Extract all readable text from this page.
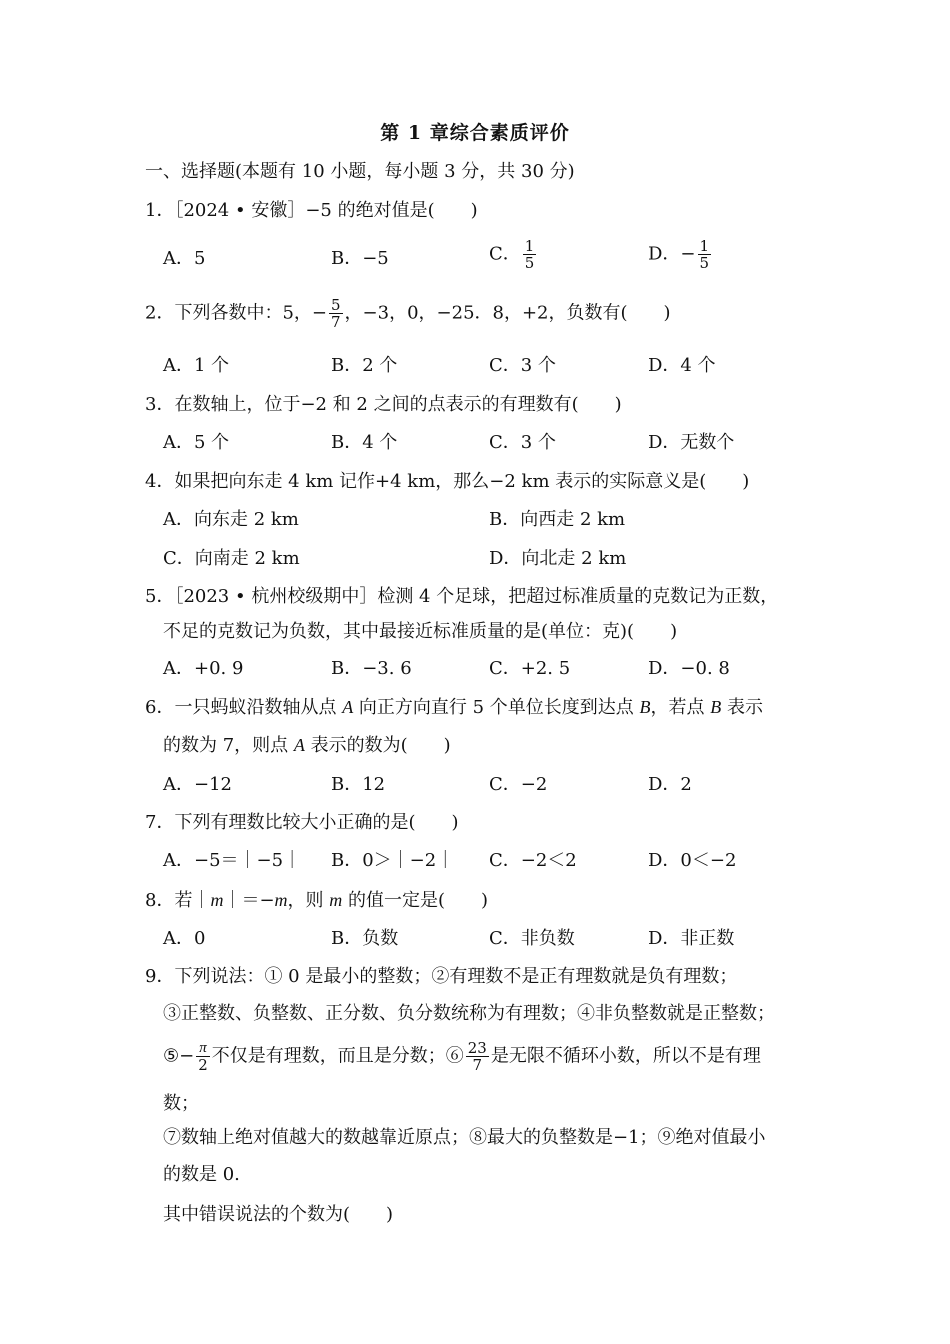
第 1 章综合素质评价
一、选择题(本题有 10 小题，每小题 3 分，共 30 分)
1．［2024 • 安徽］−5 的绝对值是(　　)
A．5	B．−5	C． $\frac{1}{5}$	D．− $\frac{1}{5}$
2．下列各数中：5，− $\frac{5}{7}$ ，−3，0，−25．8，+2，负数有(　　)
A．1 个	B．2 个	C．3 个	D．4 个
3．在数轴上，位于−2 和 2 之间的点表示的有理数有(　　)
A．5 个	B．4 个	C．3 个	D．无数个
4．如果把向东走 4 km 记作+4 km，那么−2 km 表示的实际意义是(　　)
A．向东走 2 km	B．向西走 2 km
C．向南走 2 km	D．向北走 2 km
5．［2023 • 杭州校级期中］检测 4 个足球，把超过标准质量的克数记为正数，
不足的克数记为负数，其中最接近标准质量的是(单位：克)(　　)
A．+0. 9	B．−3. 6	C．+2. 5	D．−0. 8
6．一只蚂蚁沿数轴从点 A 向正方向直行 5 个单位长度到达点 B，若点 B 表示
的数为 7，则点 A 表示的数为(　　)
A．−12	B．12	C．−2	D．2
7．下列有理数比较大小正确的是(　　)
A．−5＝｜−5｜ B．0＞｜−2｜ C．−2＜2	D．0＜−2
8．若｜m｜＝−m，则 m 的值一定是(　　)
A．0	B．负数	C．非负数	D．非正数
9．下列说法：① 0 是最小的整数；②有理数不是正有理数就是负有理数；
③正整数、负整数、正分数、负分数统称为有理数；④非负整数就是正整数；
⑤− $\frac{\pi}{2}$ 不仅是有理数，而且是分数；⑥ $\frac{23}{7}$ 是无限不循环小数，所以不是有理
数；
⑦数轴上绝对值越大的数越靠近原点；⑧最大的负整数是−1；⑨绝对值最小
的数是 0.
其中错误说法的个数为(　　)
